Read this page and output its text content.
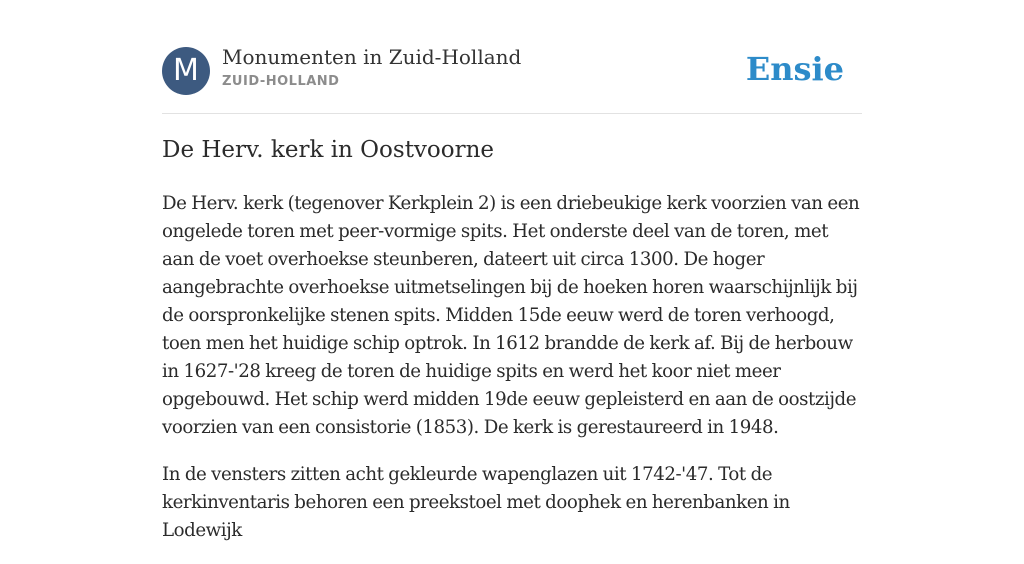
M	Monumenten in Zuid-Holland
ZUID-HOLLAND	Ensie
De Herv. kerk in Oostvoorne

De Herv. kerk (tegenover Kerkplein 2) is een driebeukige kerk voorzien van een ongelede toren met peer-vormige spits. Het onderste deel van de toren, met aan de voet overhoekse steunberen, dateert uit circa 1300. De hoger aangebrachte overhoekse uitmetselingen bij de hoeken horen waarschijnlijk bij de oorspronkelijke stenen spits. Midden 15de eeuw werd de toren verhoogd, toen men het huidige schip optrok. In 1612 brandde de kerk af. Bij de herbouw in 1627-'28 kreeg de toren de huidige spits en werd het koor niet meer opgebouwd. Het schip werd midden 19de eeuw gepleisterd en aan de oostzijde voorzien van een consistorie (1853). De kerk is gerestaureerd in 1948.

In de vensters zitten acht gekleurde wapenglazen uit 1742-'47. Tot de kerkinventaris behoren een preekstoel met doophek en herenbanken in Lodewijk
